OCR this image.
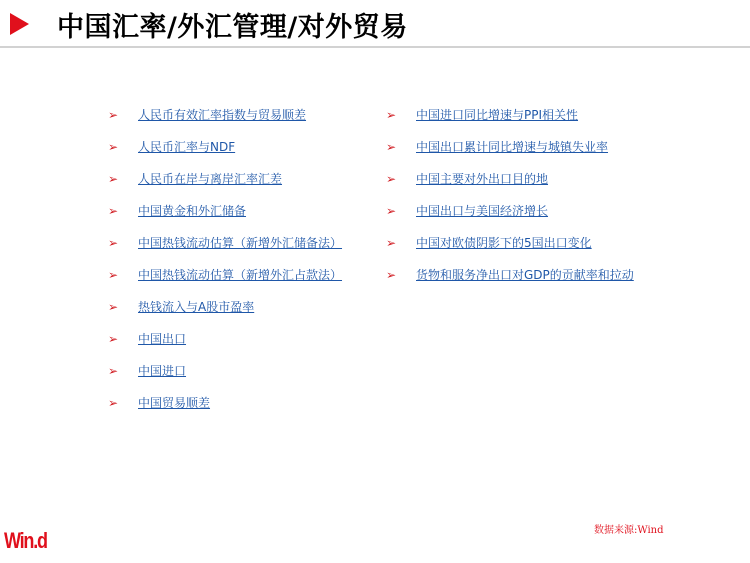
中国汇率/外汇管理/对外贸易
➢	人民币有效汇率指数与贸易顺差
➢	人民币汇率与NDF
➢	人民币在岸与离岸汇率汇差
➢	中国黄金和外汇储备
➢	中国热钱流动估算（新增外汇储备法）
➢	中国热钱流动估算（新增外汇占款法）
➢	热钱流入与A股市盈率
➢	中国出口
➢	中国进口
➢	中国贸易顺差
➢	中国进口同比增速与PPI相关性
➢	中国出口累计同比增速与城镇失业率
➢	中国主要对外出口目的地
➢	中国出口与美国经济增长
➢	中国对欧债阴影下的5国出口变化
➢	货物和服务净出口对GDP的贡献率和拉动
数据来源:Wind
Win.d
